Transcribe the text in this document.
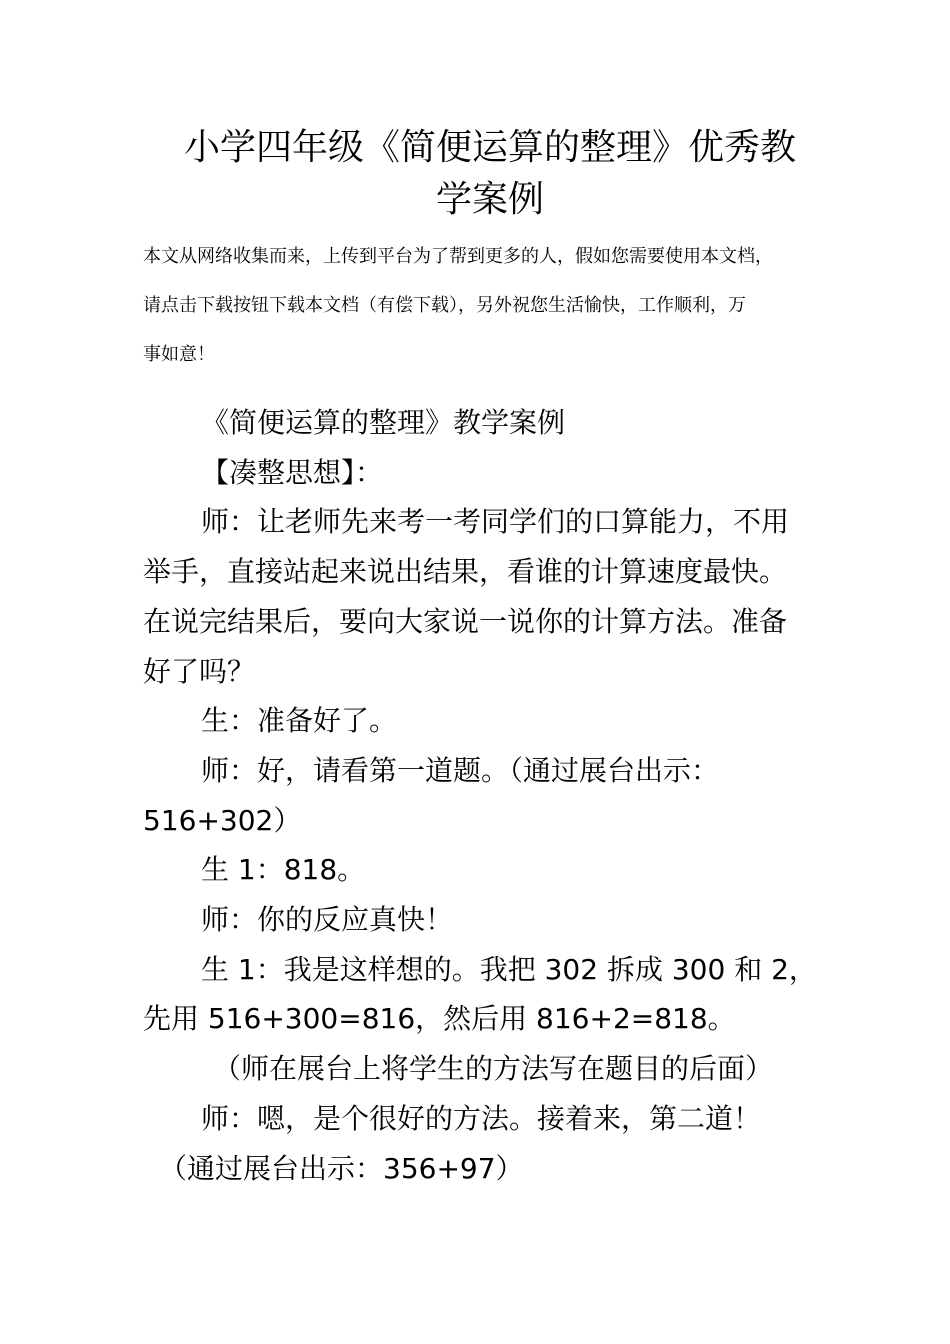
小学四年级《简便运算的整理》优秀教
学案例

本文从网络收集而来，上传到平台为了帮到更多的人，假如您需要使用本文档，

请点击下载按钮下载本文档（有偿下载），另外祝您生活愉快，工作顺利，万

事如意！

《简便运算的整理》教学案例

【凑整思想】：

师：让老师先来考一考同学们的口算能力，不用

举手，直接站起来说出结果，看谁的计算速度最快。

在说完结果后，要向大家说一说你的计算方法。准备

好了吗？

生：准备好了。

师：好，请看第一道题。（通过展台出示：

516+302）

生 1：818。

师：你的反应真快！

生 1：我是这样想的。我把 302 拆成 300 和 2，

先用 516+300=816，然后用 816+2=818。

（师在展台上将学生的方法写在题目的后面）

师：嗯，是个很好的方法。接着来，第二道！

（通过展台出示：356+97）
